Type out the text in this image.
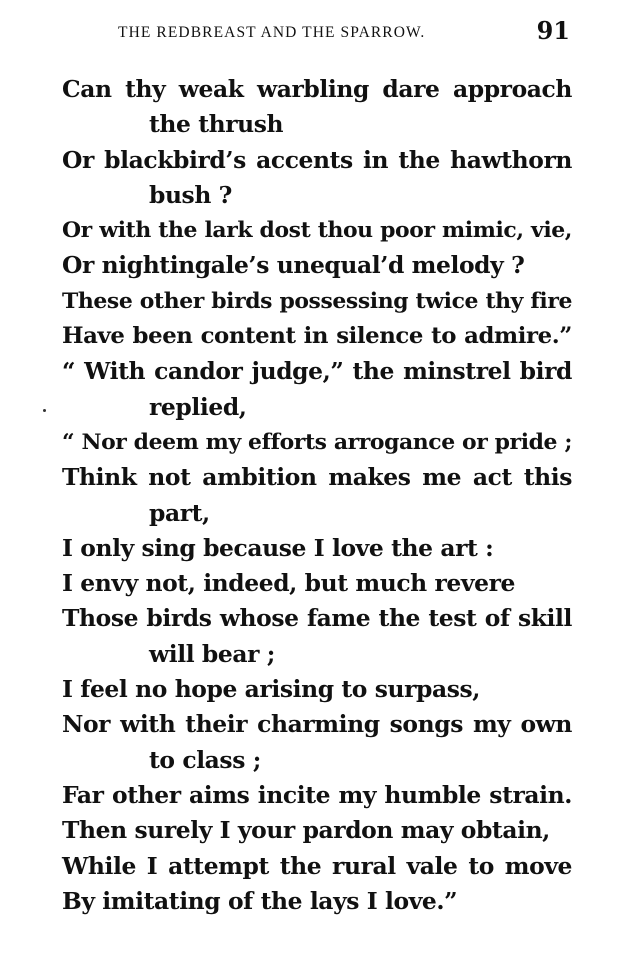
THE REDBREAST AND THE SPARROW.	91
Can thy weak warbling dare approach
the thrush
Or blackbird’s accents in the hawthorn
bush ?
Or with the lark dost thou poor mimic, vie,
Or nightingale’s unequal’d melody ?
These other birds possessing twice thy fire
Have been content in silence to admire.”
“ With candor judge,” the minstrel bird
replied,
“ Nor deem my efforts arrogance or pride ;
Think not ambition makes me act this
part,
I only sing because I love the art :
I envy not, indeed, but much revere
Those birds whose fame the test of skill
will bear ;
I feel no hope arising to surpass,
Nor with their charming songs my own
to class ;
Far other aims incite my humble strain.
Then surely I your pardon may obtain,
While I attempt the rural vale to move
By imitating of the lays I love.”
